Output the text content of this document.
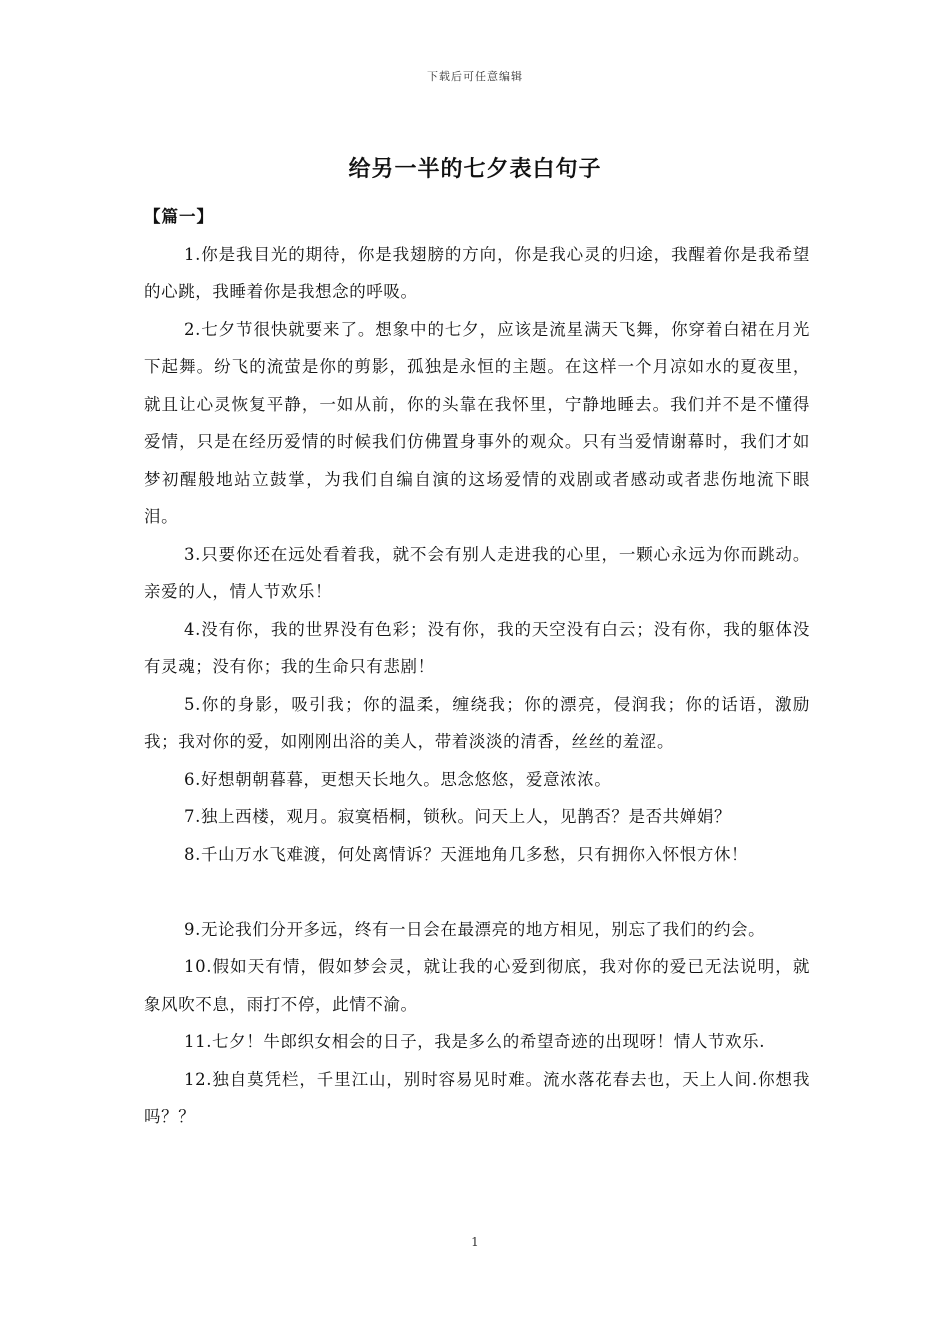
下载后可任意编辑
给另一半的七夕表白句子

【篇一】

1.你是我目光的期待，你是我翅膀的方向，你是我心灵的归途，我醒着你是我希望的心跳，我睡着你是我想念的呼吸。

2.七夕节很快就要来了。想象中的七夕，应该是流星满天飞舞，你穿着白裙在月光下起舞。纷飞的流萤是你的剪影，孤独是永恒的主题。在这样一个月凉如水的夏夜里，就且让心灵恢复平静，一如从前，你的头靠在我怀里，宁静地睡去。我们并不是不懂得爱情，只是在经历爱情的时候我们仿佛置身事外的观众。只有当爱情谢幕时，我们才如梦初醒般地站立鼓掌，为我们自编自演的这场爱情的戏剧或者感动或者悲伤地流下眼泪。

3.只要你还在远处看着我，就不会有别人走进我的心里，一颗心永远为你而跳动。亲爱的人，情人节欢乐！

4.没有你，我的世界没有色彩；没有你，我的天空没有白云；没有你，我的躯体没有灵魂；没有你；我的生命只有悲剧！

5.你的身影，吸引我；你的温柔，缠绕我；你的漂亮，侵润我；你的话语，激励我；我对你的爱，如刚刚出浴的美人，带着淡淡的清香，丝丝的羞涩。

6.好想朝朝暮暮，更想天长地久。思念悠悠，爱意浓浓。

7.独上西楼，观月。寂寞梧桐，锁秋。问天上人，见鹊否？是否共婵娟？

8.千山万水飞难渡，何处离情诉？天涯地角几多愁，只有拥你入怀恨方休！

9.无论我们分开多远，终有一日会在最漂亮的地方相见，别忘了我们的约会。

10.假如天有情，假如梦会灵，就让我的心爱到彻底，我对你的爱已无法说明，就象风吹不息，雨打不停，此情不渝。

11.七夕！牛郎织女相会的日子，我是多么的希望奇迹的出现呀！情人节欢乐.

12.独自莫凭栏，千里江山，别时容易见时难。流水落花春去也，天上人间.你想我吗？？

1
